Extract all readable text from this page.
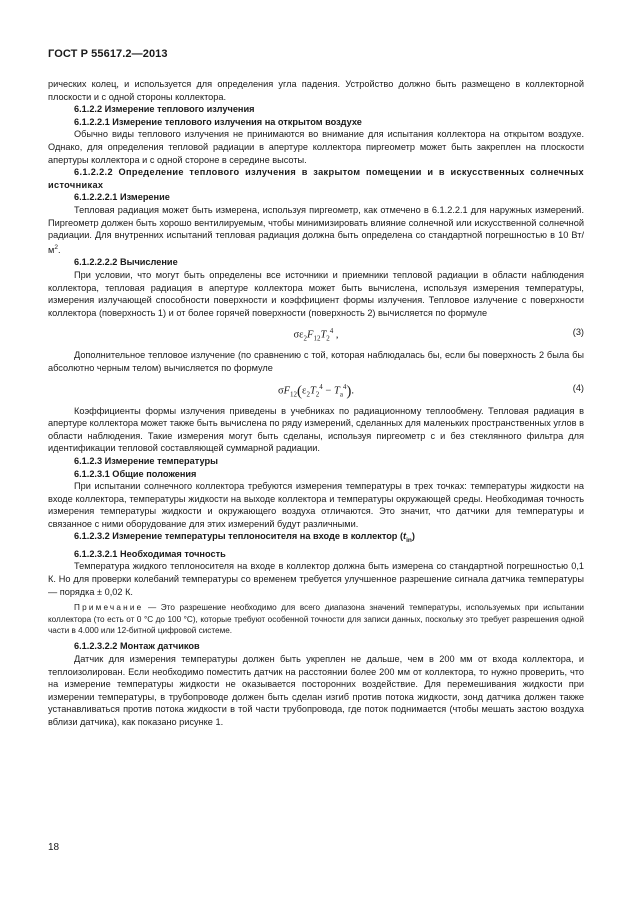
ГОСТ Р 55617.2—2013

рических колец, и используется для определения угла падения. Устройство должно быть размещено в коллекторной плоскости и с одной стороны коллектора.

6.1.2.2 Измерение теплового излучения

6.1.2.2.1 Измерение теплового излучения на открытом воздухе

Обычно виды теплового излучения не принимаются во внимание для испытания коллектора на открытом воздухе. Однако, для определения тепловой радиации в апертуре коллектора пиргеометр может быть закреплен на плоскости апертуры коллектора и с одной стороне в середине высоты.

6.1.2.2.2 Определение теплового излучения в закрытом помещении и в искусственных солнечных источниках

6.1.2.2.2.1 Измерение

Тепловая радиация может быть измерена, используя пиргеометр, как отмечено в 6.1.2.2.1 для наружных измерений. Пиргеометр должен быть хорошо вентилируемым, чтобы минимизировать влияние солнечной или искусственной солнечной радиации. Для внутренних испытаний тепловая радиация должна быть определена со стандартной погрешностью в 10 $Вт/м^2$.

6.1.2.2.2.2 Вычисление

При условии, что могут быть определены все источники и приемники тепловой радиации в области наблюдения коллектора, тепловая радиация в апертуре коллектора может быть вычислена, используя измерения температуры, измерения излучающей способности поверхности и коэффициент формы излучения. Тепловое излучение с поверхности коллектора (поверхность 1) и от более горячей поверхности (поверхность 2) вычисляется по формуле

$\sigma\varepsilon_2F_{12}T_2^4$ ,	(3)

Дополнительное тепловое излучение (по сравнению с той, которая наблюдалась бы, если бы поверхность 2 была бы абсолютно черным телом) вычисляется по формуле

$\sigma F_{12}(\varepsilon_2T_2^4 - T_a^4)$.	(4)

Коэффициенты формы излучения приведены в учебниках по радиационному теплообмену. Тепловая радиация в апертуре коллектора может также быть вычислена по ряду измерений, сделанных для маленьких пространственных углов в области наблюдения. Такие измерения могут быть сделаны, используя пиргеометр с и без стеклянного фильтра для идентификации тепловой составляющей суммарной радиации.

6.1.2.3 Измерение температуры

6.1.2.3.1 Общие положения

При испытании солнечного коллектора требуются измерения температуры в трех точках: температуры жидкости на входе коллектора, температуры жидкости на выходе коллектора и температуры окружающей среды. Необходимая точность измерения температуры жидкости и окружающего воздуха отличаются. Это значит, что датчики для температуры и связанное с ними оборудование для этих измерений будут различными.

6.1.2.3.2 Измерение температуры теплоносителя на входе в коллектор $(t_{in})$

6.1.2.3.2.1 Необходимая точность

Температура жидкого теплоносителя на входе в коллектор должна быть измерена со стандартной погрешностью 0,1 К. Но для проверки колебаний температуры со временем требуется улучшенное разрешение сигнала датчика температуры — порядка ± 0,02 К.

Примечание — Это разрешение необходимо для всего диапазона значений температуры, используемых при испытании коллектора (то есть от 0 °С до 100 °С), которые требуют особенной точности для записи данных, поскольку это требует разрешения одной части в 4.000 или 12-битной цифровой системе.

6.1.2.3.2.2 Монтаж датчиков

Датчик для измерения температуры должен быть укреплен не дальше, чем в 200 мм от входа коллектора, и теплоизолирован. Если необходимо поместить датчик на расстоянии более 200 мм от коллектора, то нужно проверить, что на измерение температуры жидкости не оказывается посторонних воздействие. Для перемешивания жидкости при измерении температуры, в трубопроводе должен быть сделан изгиб против потока жидкости, зонд датчика должен также устанавливаться против потока жидкости в той части трубопровода, где поток поднимается (чтобы мешать застою воздуха вблизи датчика), как показано рисунке 1.

18
